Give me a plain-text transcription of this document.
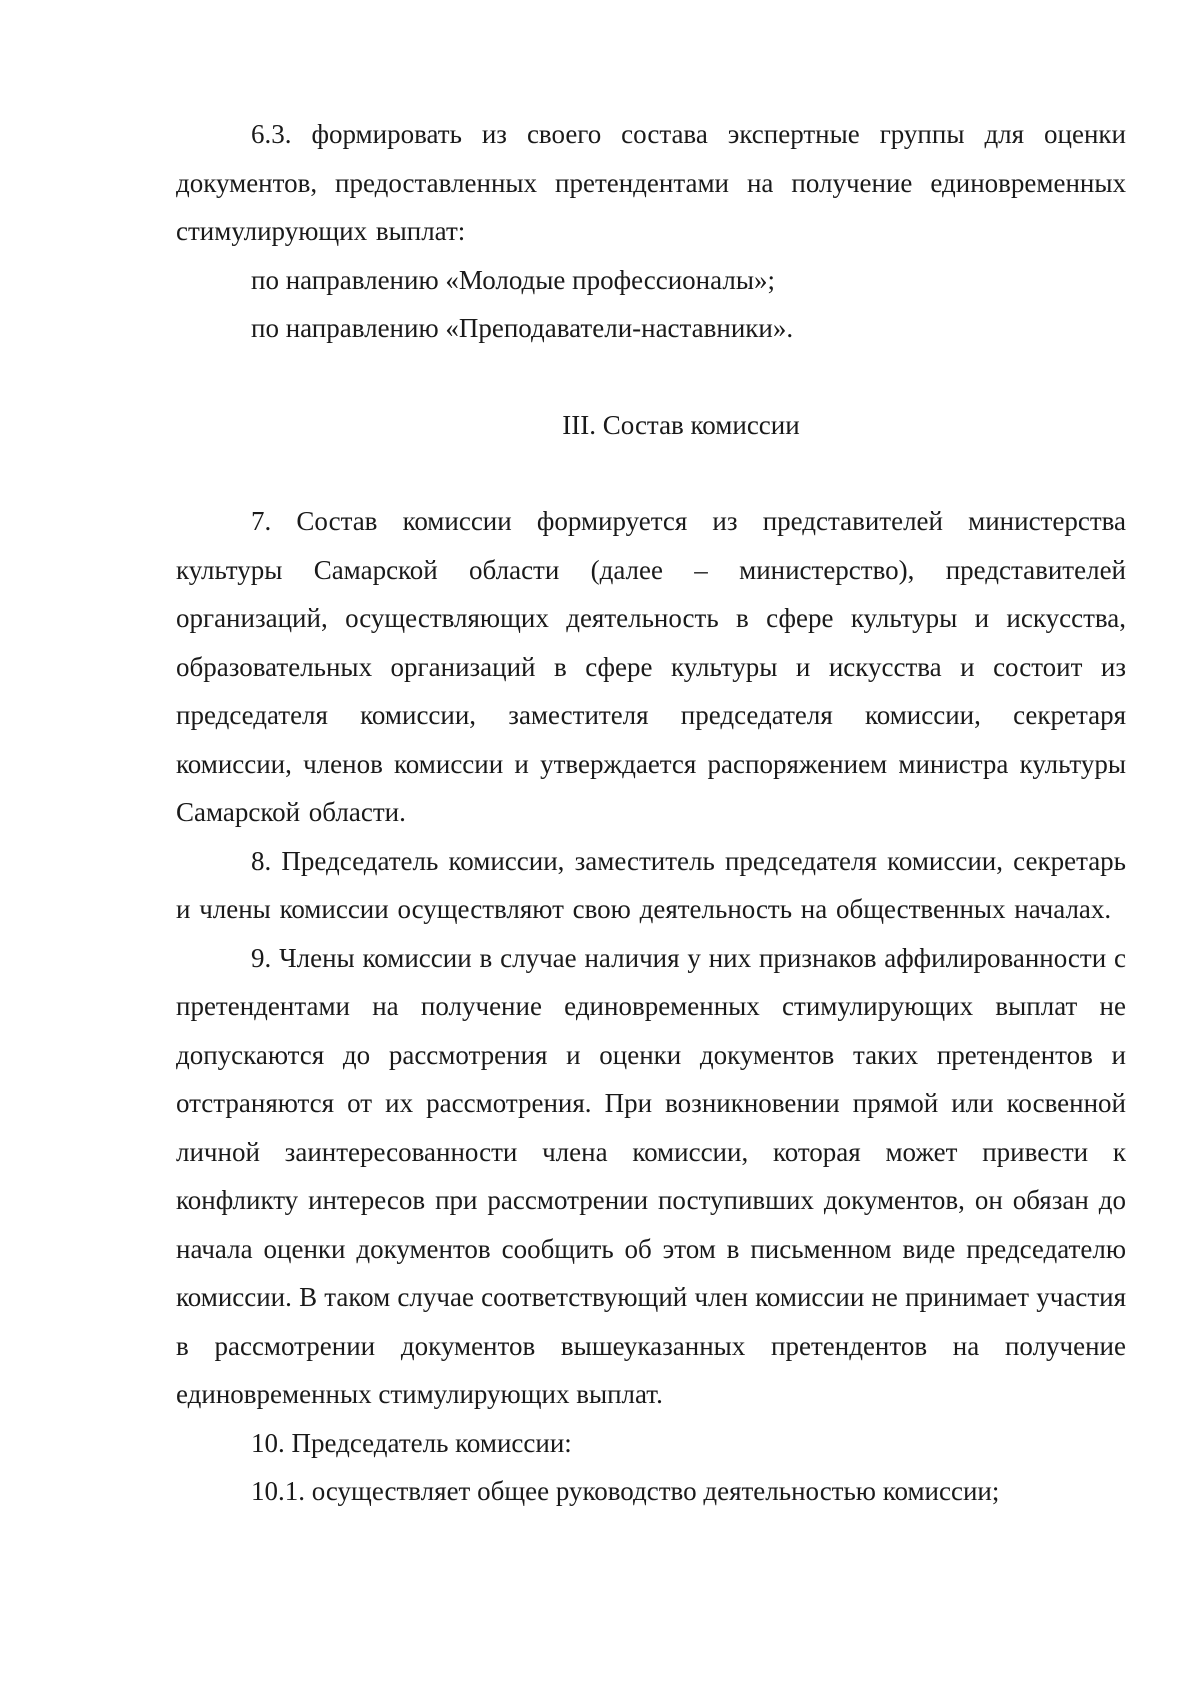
6.3. формировать из своего состава экспертные группы для оценки документов, предоставленных претендентами на получение единовременных стимулирующих выплат:

по направлению «Молодые профессионалы»;

по направлению «Преподаватели-наставники».

III. Состав комиссии

7. Состав комиссии формируется из представителей министерства культуры Самарской области (далее – министерство), представителей организаций, осуществляющих деятельность в сфере культуры и искусства, образовательных организаций в сфере культуры и искусства и состоит из председателя комиссии, заместителя председателя комиссии, секретаря комиссии, членов комиссии и утверждается распоряжением министра культуры Самарской области.

8. Председатель комиссии, заместитель председателя комиссии, секретарь и члены комиссии осуществляют свою деятельность на общественных началах.

9. Члены комиссии в случае наличия у них признаков аффилированности с претендентами на получение единовременных стимулирующих выплат не допускаются до рассмотрения и оценки документов таких претендентов и отстраняются от их рассмотрения. При возникновении прямой или косвенной личной заинтересованности члена комиссии, которая может привести к конфликту интересов при рассмотрении поступивших документов, он обязан до начала оценки документов сообщить об этом в письменном виде председателю комиссии. В таком случае соответствующий член комиссии не принимает участия в рассмотрении документов вышеуказанных претендентов на получение единовременных стимулирующих выплат.

10. Председатель комиссии:

10.1. осуществляет общее руководство деятельностью комиссии;
